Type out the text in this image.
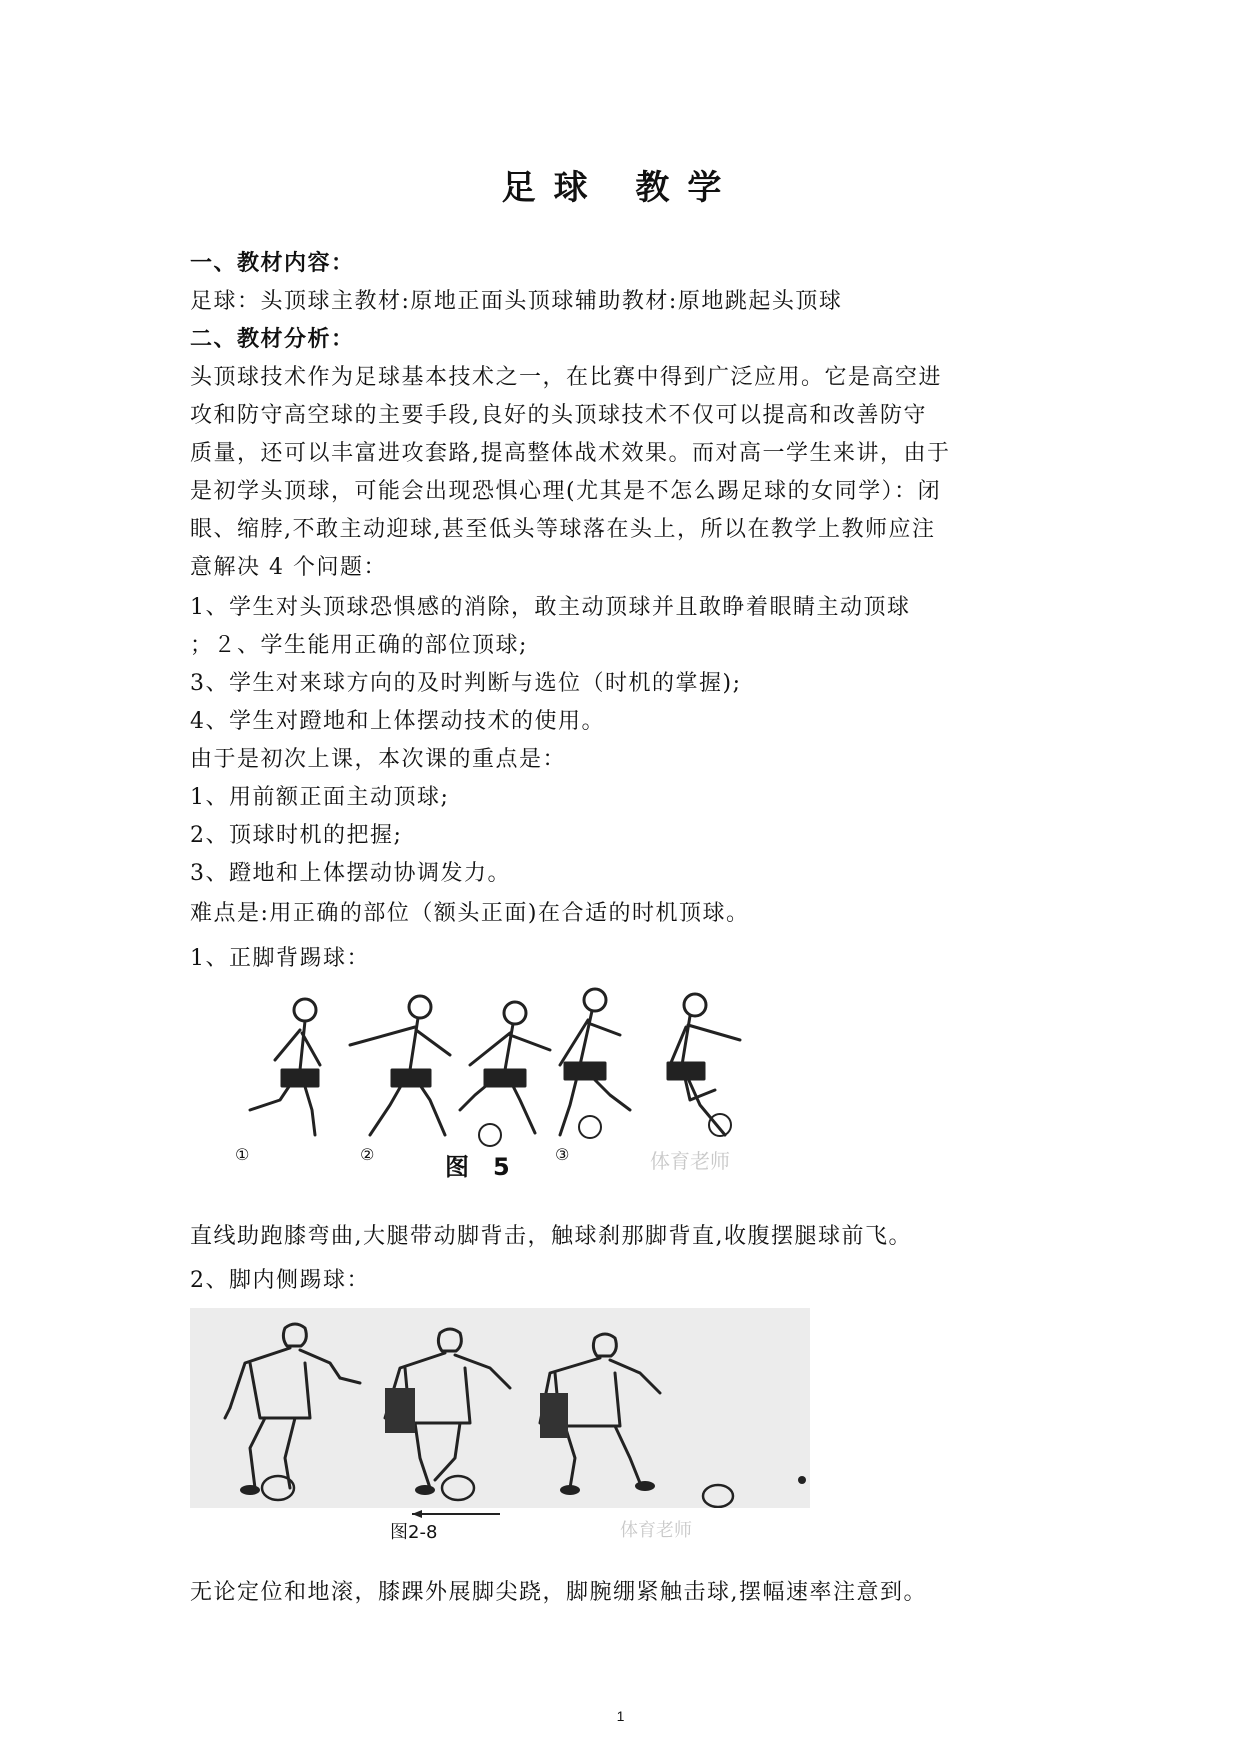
足球 教学
一、教材内容：
足球：头顶球主教材:原地正面头顶球辅助教材:原地跳起头顶球
二、教材分析：
头顶球技术作为足球基本技术之一，在比赛中得到广泛应用。它是高空进
攻和防守高空球的主要手段,良好的头顶球技术不仅可以提高和改善防守
质量，还可以丰富进攻套路,提高整体战术效果。而对高一学生来讲，由于
是初学头顶球，可能会出现恐惧心理(尤其是不怎么踢足球的女同学）：闭
眼、缩脖,不敢主动迎球,甚至低头等球落在头上，所以在教学上教师应注
意解决 4 个问题：
1、学生对头顶球恐惧感的消除，敢主动顶球并且敢睁着眼睛主动顶球
；２、学生能用正确的部位顶球;
3、学生对来球方向的及时判断与选位（时机的掌握);
4、学生对蹬地和上体摆动技术的使用。
由于是初次上课，本次课的重点是：
1、用前额正面主动顶球;
2、顶球时机的把握;
3、蹬地和上体摆动协调发力。
难点是:用正确的部位（额头正面)在合适的时机顶球。
1、正脚背踢球：
①	②	③
图　5	体育老师
直线助跑膝弯曲,大腿带动脚背击，触球刹那脚背直,收腹摆腿球前飞。
2、脚内侧踢球：
图2-8	体育老师
无论定位和地滚，膝踝外展脚尖跷，脚腕绷紧触击球,摆幅速率注意到。
1
